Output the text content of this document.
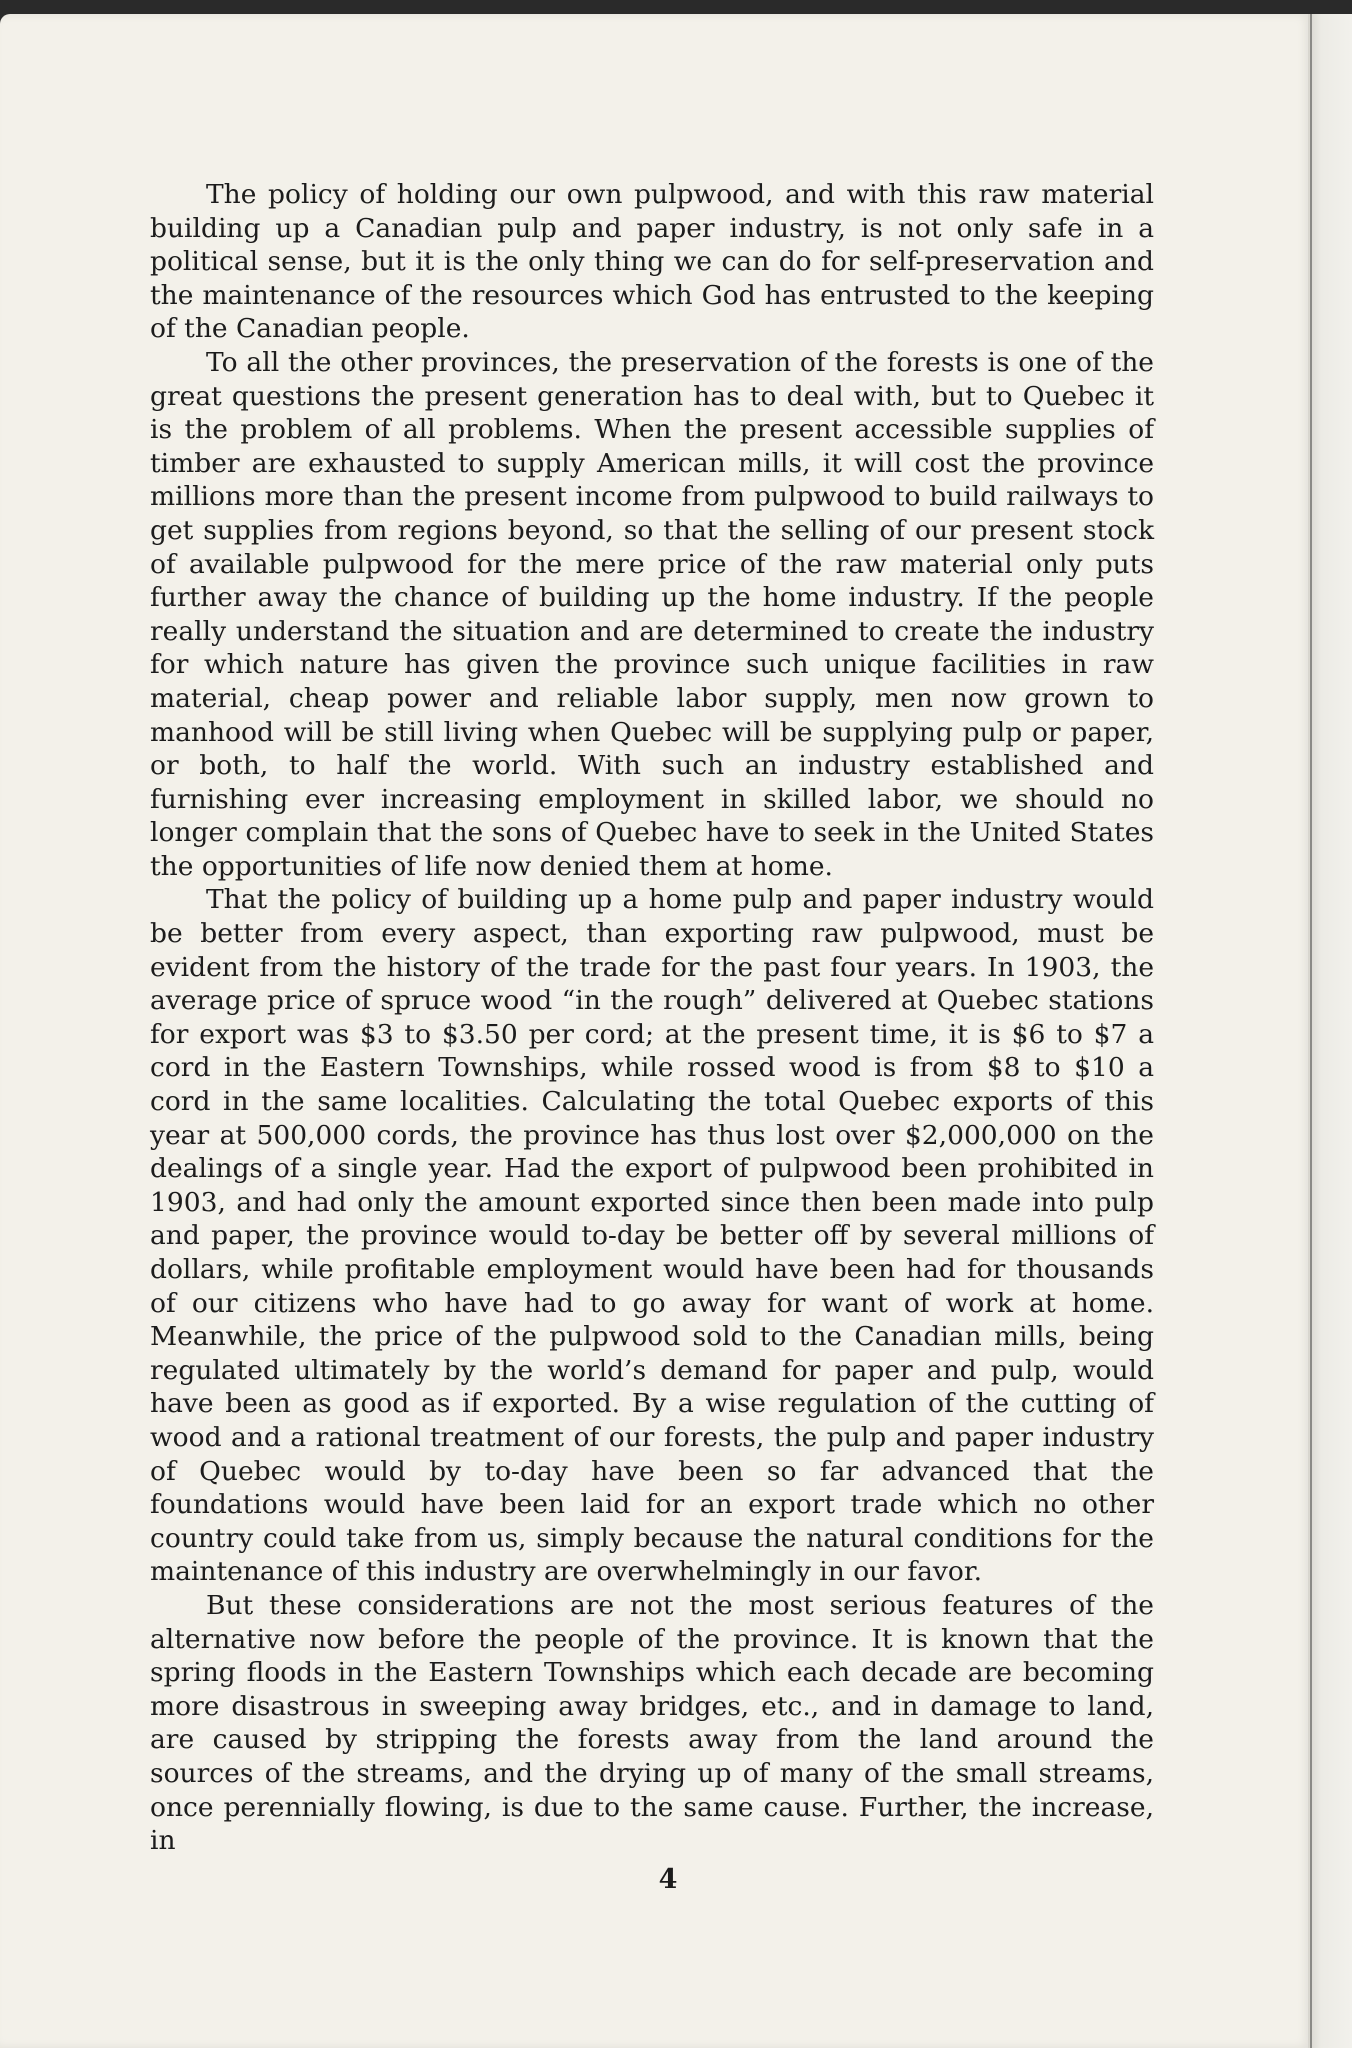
The policy of holding our own pulpwood, and with this raw material building up a Canadian pulp and paper industry, is not only safe in a political sense, but it is the only thing we can do for self-preservation and the maintenance of the resources which God has entrusted to the keeping of the Canadian people.

To all the other provinces, the preservation of the forests is one of the great questions the present generation has to deal with, but to Quebec it is the problem of all problems. When the present accessible supplies of timber are exhausted to supply American mills, it will cost the province millions more than the present income from pulpwood to build railways to get supplies from regions beyond, so that the selling of our present stock of available pulpwood for the mere price of the raw material only puts further away the chance of building up the home industry. If the people really understand the situation and are determined to create the industry for which nature has given the province such unique facilities in raw material, cheap power and reliable labor supply, men now grown to manhood will be still living when Quebec will be supplying pulp or paper, or both, to half the world. With such an industry established and furnishing ever increasing employment in skilled labor, we should no longer complain that the sons of Quebec have to seek in the United States the opportunities of life now denied them at home.

That the policy of building up a home pulp and paper industry would be better from every aspect, than exporting raw pulpwood, must be evident from the history of the trade for the past four years. In 1903, the average price of spruce wood “in the rough” delivered at Quebec stations for export was $3 to $3.50 per cord; at the present time, it is $6 to $7 a cord in the Eastern Townships, while rossed wood is from $8 to $10 a cord in the same localities. Calculating the total Quebec exports of this year at 500,000 cords, the province has thus lost over $2,000,000 on the dealings of a single year. Had the export of pulpwood been prohibited in 1903, and had only the amount exported since then been made into pulp and paper, the province would to-day be better off by several millions of dollars, while profitable employment would have been had for thousands of our citizens who have had to go away for want of work at home. Meanwhile, the price of the pulpwood sold to the Canadian mills, being regulated ultimately by the world’s demand for paper and pulp, would have been as good as if exported. By a wise regulation of the cutting of wood and a rational treatment of our forests, the pulp and paper industry of Quebec would by to-day have been so far advanced that the foundations would have been laid for an export trade which no other country could take from us, simply because the natural conditions for the maintenance of this industry are overwhelmingly in our favor.

But these considerations are not the most serious features of the alternative now before the people of the province. It is known that the spring floods in the Eastern Townships which each decade are becoming more disastrous in sweeping away bridges, etc., and in damage to land, are caused by stripping the forests away from the land around the sources of the streams, and the drying up of many of the small streams, once perennially flowing, is due to the same cause. Further, the increase, in

4
